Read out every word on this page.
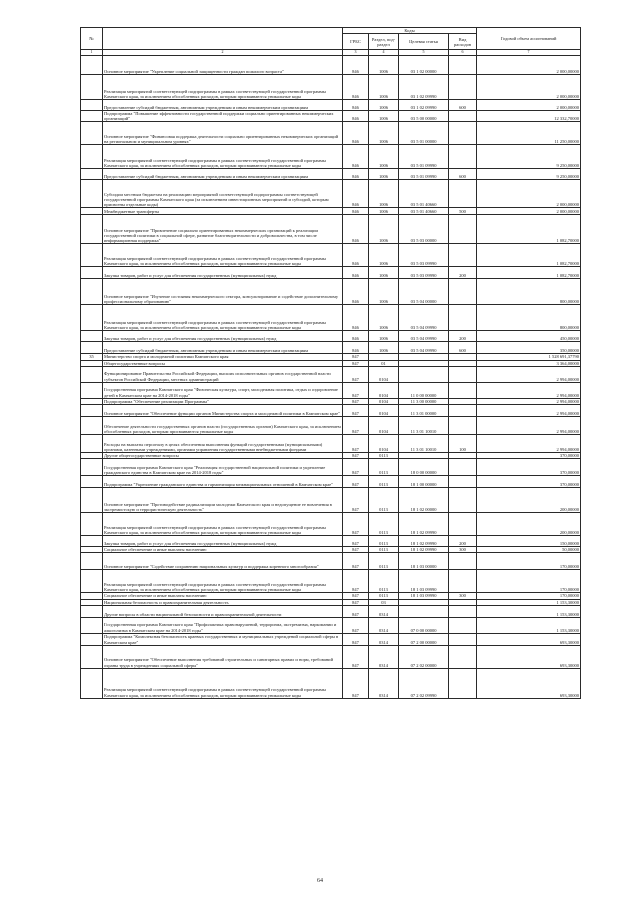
№		Коды				Годовой объем ассигнований
		ГРБС	Раздел, под-раздел	Целевая статья	Вид расходов	
1	2	3	4	5	6	7
	Основное мероприятие "Укрепление социальной защищенности граждан пожилого возраста"	846	1006	03 1 02 00000		2 000,00000
	Реализация мероприятий соответствующей подпрограммы в рамках соответствующей государственной программы Камчатского края, за исключением обособленных расходов, которым присваиваются уникальные коды	846	1006	03 1 02 09990		2 000,00000
	Предоставление субсидий бюджетным, автономным учреждениям и иным некоммерческим организациям	846	1006	03 1 02 09990	600	2 000,00000
	Подпрограмма "Повышение эффективности государственной поддержки социально ориентированных некоммерческих организаций"	846	1006	03 5 00 00000		12 332,70000
	Основное мероприятие "Финансовая поддержка деятельности социально ориентированных некоммерческих организаций на региональном и муниципальном уровнях"	846	1006	03 5 01 00000		11 250,00000
	Реализация мероприятий соответствующей подпрограммы в рамках соответствующей государственной программы Камчатского края, за исключением обособленных расходов, которым присваиваются уникальные коды	846	1006	03 5 01 09990		9 250,00000
	Предоставление субсидий бюджетным, автономным учреждениям и иным некоммерческим организациям	846	1006	03 5 01 09990	600	9 250,00000
	Субсидии местным бюджетам на реализацию мероприятий соответствующей подпрограммы соответствующей государственной программы Камчатского края (за исключением инвестиционных мероприятий и субсидий, которым присвоены отдельные коды)	846	1006	03 5 01 40660		2 000,00000
	Межбюджетные трансферты	846	1006	03 5 01 40660	500	2 000,00000
	Основное мероприятие "Привлечение социально ориентированных некоммерческих организаций к реализации государственной политики в социальной сфере, развитие благотворительности и добровольчества, в том числе информационная поддержка"	846	1006	03 5 03 00000		1 082,70000
	Реализация мероприятий соответствующей подпрограммы в рамках соответствующей государственной программы Камчатского края, за исключением обособленных расходов, которым присваиваются уникальные коды	846	1006	03 5 03 09990		1 082,70000
	Закупка товаров, работ и услуг для обеспечения государственных (муниципальных) нужд	846	1006	03 5 03 09990	200	1 082,70000
	Основное мероприятие "Изучение состояния некоммерческого сектора, консультирование и содействие дополнительному профессиональному образованию"	846	1006	03 5 04 00000		800,00000
	Реализация мероприятий соответствующей подпрограммы в рамках соответствующей государственной программы Камчатского края, за исключением обособленных расходов, которым присваиваются уникальные коды	846	1006	03 5 04 09990		800,00000
	Закупка товаров, работ и услуг для обеспечения государственных (муниципальных) нужд	846	1006	03 5 04 09990	200	450,00000
	Предоставление субсидий бюджетным, автономным учреждениям и иным некоммерческим организациям	846	1006	03 5 04 09990	600	350,00000
35	Министерство спорта и молодежной политики Камчатского края	847				1 528 691,37790
	Общегосударственные вопросы	847	01			3 364,00000
	Функционирование Правительства Российской Федерации, высших исполнительных органов государственной власти субъектов Российской Федерации, местных администраций	847	0104			2 994,00000
	Государственная программа Камчатского края "Физическая культура, спорт, молодежная политика, отдых и оздоровление детей в Камчатском крае на 2014-2018 годы"	847	0104	11 0 00 00000		2 994,00000
	Подпрограмма "Обеспечение реализации Программы"	847	0104	11 3 00 00000		2 994,00000
	Основное мероприятие "Обеспечение функции органов Министерства спорта и молодежной политики в Камчатском крае"	847	0104	11 3 01 00000		2 994,00000
	Обеспечение деятельности государственных органов власти (государственных органов) Камчатского края, за исключением обособленных расходов, которым присваиваются уникальные коды	847	0104	11 3 01 10010		2 994,00000
	Расходы на выплаты персоналу в целях обеспечения выполнения функций государственными (муниципальными) органами, казенными учреждениями, органами управления государственными внебюджетными фондами	847	0104	11 3 01 10010	100	2 994,00000
	Другие общегосударственные вопросы	847	0113			370,00000
	Государственная программа Камчатского края "Реализация государственной национальной политики и укрепление гражданского единства в Камчатском крае на 2014-2018 годы"	847	0113	18 0 00 00000		370,00000
	Подпрограмма "Укрепление гражданского единства и гармонизация межнациональных отношений в Камчатском крае"	847	0113	18 1 00 00000		370,00000
	Основное мероприятие "Противодействие радикализации молодежи Камчатского края и недопущение ее вовлечения в экстремистскую и террористическую деятельность"	847	0113	18 1 02 00000		200,00000
	Реализация мероприятий соответствующей подпрограммы в рамках соответствующей государственной программы Камчатского края, за исключением обособленных расходов, которым присваиваются уникальные коды	847	0113	18 1 02 09990		200,00000
	Закупка товаров, работ и услуг для обеспечения государственных (муниципальных) нужд	847	0113	18 1 02 09990	200	150,00000
	Социальное обеспечение и иные выплаты населению	847	0113	18 1 02 09990	300	50,00000
	Основное мероприятие "Содействие сохранению национальных культур и поддержка коренного многообразия"	847	0113	18 1 03 00000		170,00000
	Реализация мероприятий соответствующей подпрограммы в рамках соответствующей государственной программы Камчатского края, за исключением обособленных расходов, которым присваиваются уникальные коды	847	0113	18 1 03 09990		170,00000
	Социальное обеспечение и иные выплаты населению	847	0113	18 1 03 09990	300	170,00000
	Национальная безопасность и правоохранительная деятельность	847	03			1 153,30000
	Другие вопросы в области национальной безопасности и правоохранительной деятельности	847	0314			1 153,30000
	Государственная программа Камчатского края "Профилактика правонарушений, терроризма, экстремизма, наркомании и алкоголизма в Камчатском крае на 2014-2018 годы"	847	0314	07 0 00 00000		1 153,30000
	Подпрограмма "Комплексная безопасность краевых государственных и муниципальных учреждений социальной сферы в Камчатском крае"	847	0314	07 2 00 00000		693,30000
	Основное мероприятие "Обеспечение выполнения требований строительных и санитарных правил и норм, требований охраны труда в учреждениях социальной сферы"	847	0314	07 2 02 00000		693,30000
	Реализация мероприятий соответствующей подпрограммы в рамках соответствующей государственной программы Камчатского края, за исключением обособленных расходов, которым присваиваются уникальные коды	847	0314	07 2 02 09990		693,30000
64
